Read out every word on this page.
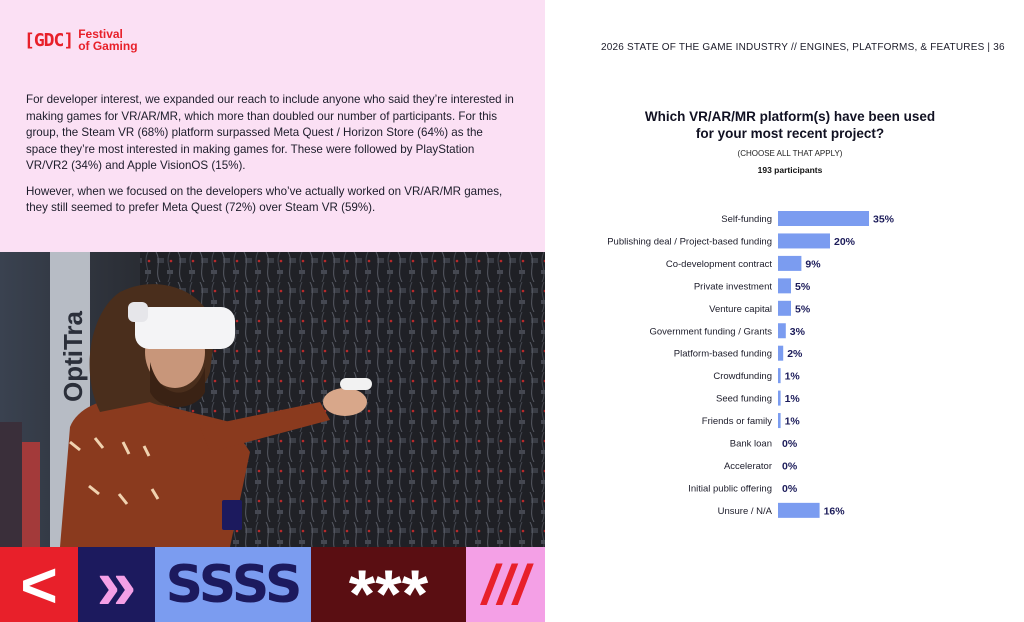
[GDC] Festival
of Gaming

For developer interest, we expanded our reach to include anyone who said they’re interested in making games for VR/AR/MR, which more than doubled our number of participants. For this group, the Steam VR (68%) platform surpassed Meta Quest / Horizon Store (64%) as the space they’re most interested in making games for. These were followed by PlayStation VR/VR2 (34%) and Apple VisionOS (15%).

However, when we focused on the developers who’ve actually worked on VR/AR/MR games, they still seemed to prefer Meta Quest (72%) over Steam VR (59%).

OptiTra
< » SSSS *** ///
2026 STATE OF THE GAME INDUSTRY // ENGINES, PLATFORMS, & FEATURES | 36
Which VR/AR/MR platform(s) have been used
for your most recent project?
(CHOOSE ALL THAT APPLY)
193 participants
Self-funding	35%
Publishing deal / Project-based funding	20%
Co-development contract	9%
Private investment 5%
Venture capital 5%
Government funding / Grants 3%
Platform-based funding 2%
Crowdfunding 1%
Seed funding 1%
Friends or family 1%
Bank loan 0%
Accelerator 0%
Initial public offering 0%
Unsure / N/A	16%
